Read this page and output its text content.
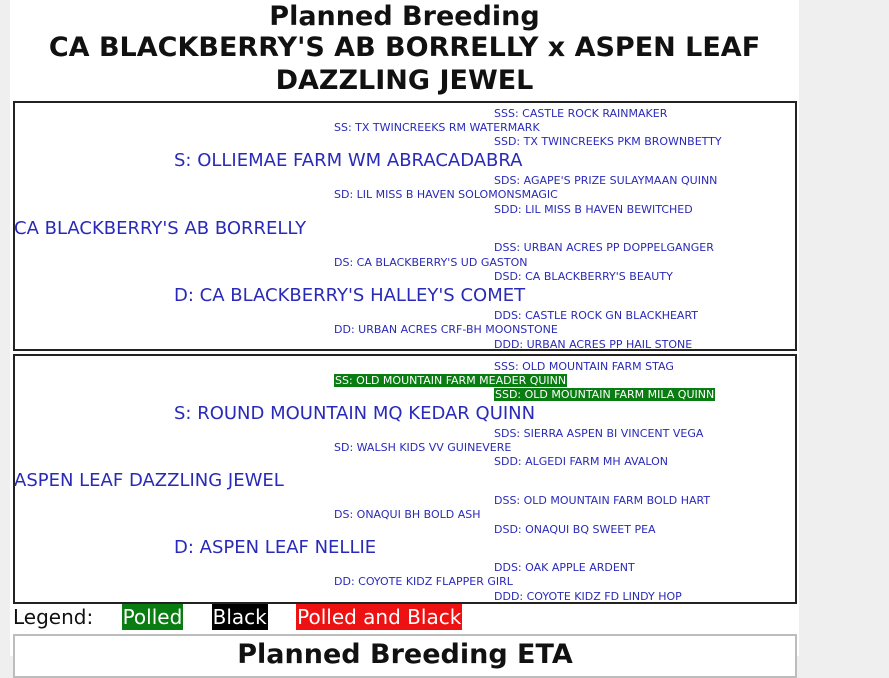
Planned Breeding
CA BLACKBERRY'S AB BORRELLY x ASPEN LEAF
DAZZLING JEWEL
SSS: CASTLE ROCK RAINMAKER
SS: TX TWINCREEKS RM WATERMARK
SSD: TX TWINCREEKS PKM BROWNBETTY
S: OLLIEMAE FARM WM ABRACADABRA
SDS: AGAPE'S PRIZE SULAYMAAN QUINN
SD: LIL MISS B HAVEN SOLOMONSMAGIC
SDD: LIL MISS B HAVEN BEWITCHED
CA BLACKBERRY'S AB BORRELLY
DSS: URBAN ACRES PP DOPPELGANGER
DS: CA BLACKBERRY'S UD GASTON
DSD: CA BLACKBERRY'S BEAUTY
D: CA BLACKBERRY'S HALLEY'S COMET
DDS: CASTLE ROCK GN BLACKHEART
DD: URBAN ACRES CRF-BH MOONSTONE
DDD: URBAN ACRES PP HAIL STONE
SSS: OLD MOUNTAIN FARM STAG
SS: OLD MOUNTAIN FARM MEADER QUINN
SSD: OLD MOUNTAIN FARM MILA QUINN
S: ROUND MOUNTAIN MQ KEDAR QUINN
SDS: SIERRA ASPEN BI VINCENT VEGA
SD: WALSH KIDS VV GUINEVERE
SDD: ALGEDI FARM MH AVALON
ASPEN LEAF DAZZLING JEWEL
DSS: OLD MOUNTAIN FARM BOLD HART
DS: ONAQUI BH BOLD ASH
DSD: ONAQUI BQ SWEET PEA
D: ASPEN LEAF NELLIE
DDS: OAK APPLE ARDENT
DD: COYOTE KIDZ FLAPPER GIRL
DDD: COYOTE KIDZ FD LINDY HOP
Legend: Polled Black Polled and Black
Planned Breeding ETA
